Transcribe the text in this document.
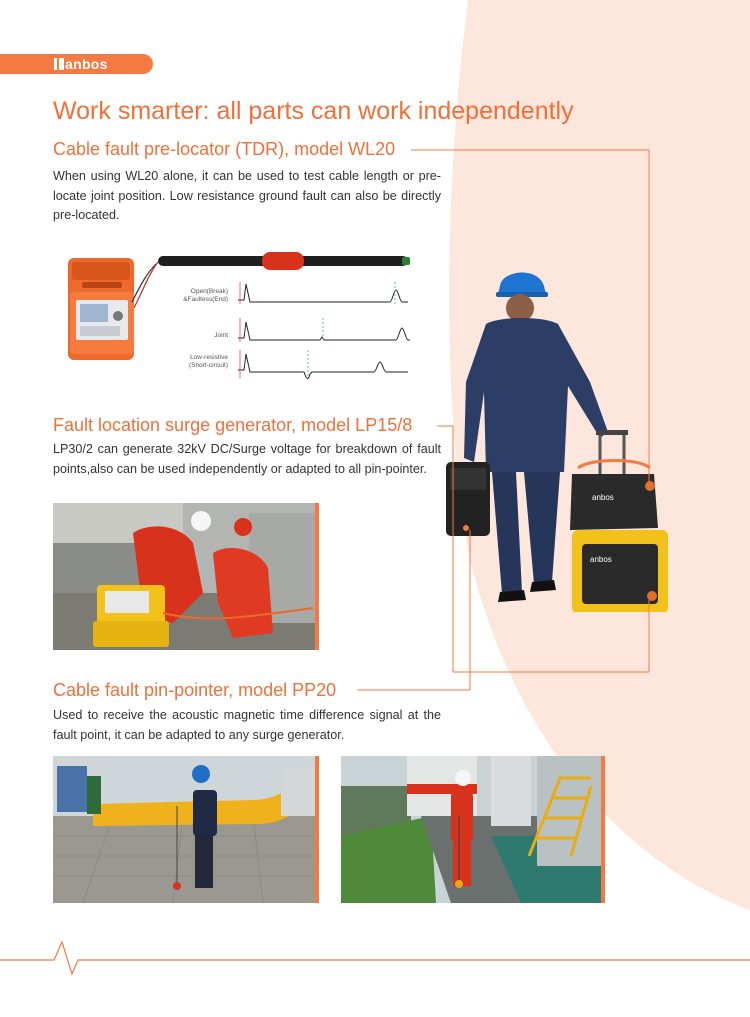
anbos
Work smarter: all parts can work independently
Cable fault pre-locator (TDR), model WL20
When using WL20 alone, it can be used to test cable length or pre-locate joint position. Low resistance ground fault can also be directly pre-located.
Open(Break)
&Faultess(End)
Joint
Low-resistive
(Short-circuit)
Fault location surge generator, model LP15/8
LP30/2 can generate 32kV DC/Surge voltage for breakdown of fault points,also can be used independently or adapted to all pin-pointer.
Cable fault pin-pointer, model PP20
Used to receive the acoustic magnetic time difference signal at the fault point, it can be adapted to any surge generator.
anbos
anbos
